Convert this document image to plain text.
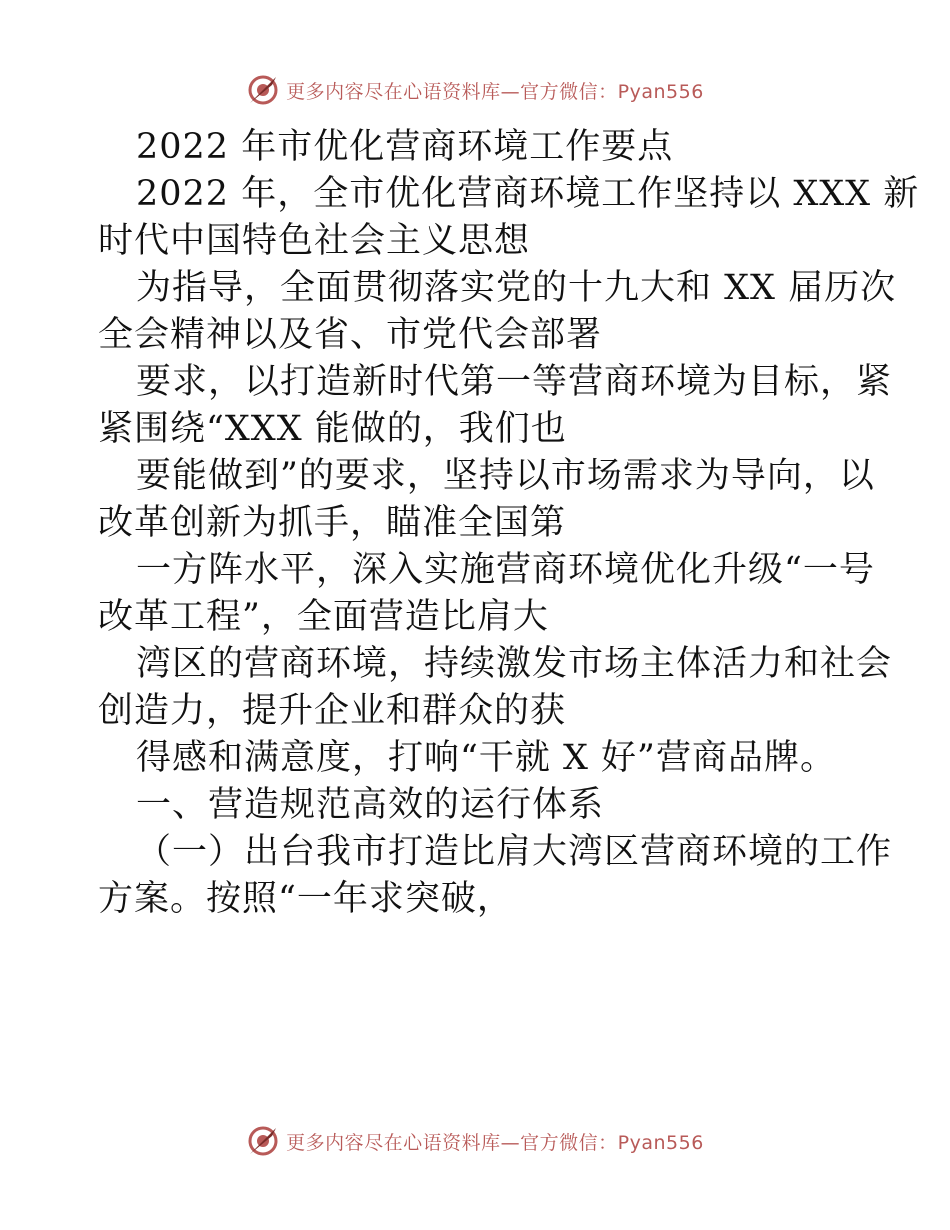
更多内容尽在心语资料库—官方微信：Pyan556
2022 年市优化营商环境工作要点
2022 年，全市优化营商环境工作坚持以 XXX 新
时代中国特色社会主义思想
为指导，全面贯彻落实党的十九大和 XX 届历次
全会精神以及省、市党代会部署
要求，以打造新时代第一等营商环境为目标，紧
紧围绕“XXX 能做的，我们也
要能做到”的要求，坚持以市场需求为导向，以
改革创新为抓手，瞄准全国第
一方阵水平，深入实施营商环境优化升级“一号
改革工程”，全面营造比肩大
湾区的营商环境，持续激发市场主体活力和社会
创造力，提升企业和群众的获
得感和满意度，打响“干就 X 好”营商品牌。
一、营造规范高效的运行体系
（一）出台我市打造比肩大湾区营商环境的工作
方案。按照“一年求突破，
更多内容尽在心语资料库—官方微信：Pyan556
